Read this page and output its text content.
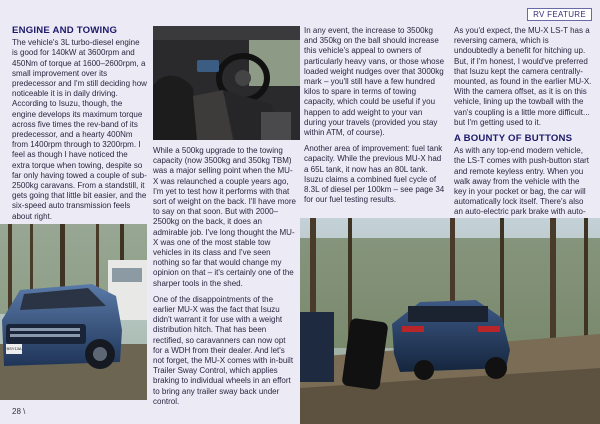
RV FEATURE
ENGINE AND TOWING

The vehicle's 3L turbo-diesel engine is good for 140kW at 3600rpm and 450Nm of torque at 1600–2600rpm, a small improvement over its predecessor and I'm still deciding how noticeable it is in daily driving. According to Isuzu, though, the engine develops its maximum torque across five times the rev-band of its predecessor, and a hearty 400Nm from 1400rpm through to 3200rpm. I feel as though I have noticed the extra torque when towing, despite so far only having towed a couple of sub-2500kg caravans. From a standstill, it gets going that little bit easier, and the six-speed auto transmission feels about right.

BSY13A

While a 500kg upgrade to the towing capacity (now 3500kg and 350kg TBM) was a major selling point when the MU-X was relaunched a couple years ago, I'm yet to test how it performs with that sort of weight on the back. I'll have more to say on that soon. But with 2000–2500kg on the back, it does an admirable job. I've long thought the MU-X was one of the most stable tow vehicles in its class and I've seen nothing so far that would change my opinion on that – it's certainly one of the sharper tools in the shed.

One of the disappointments of the earlier MU-X was the fact that Isuzu didn't warrant it for use with a weight distribution hitch. That has been rectified, so caravanners can now opt for a WDH from their dealer. And let's not forget, the MU-X comes with in-built Trailer Sway Control, which applies braking to individual wheels in an effort to bring any trailer sway back under control.

In any event, the increase to 3500kg and 350kg on the ball should increase this vehicle's appeal to owners of particularly heavy vans, or those whose loaded weight nudges over that 3000kg mark – you'll still have a few hundred kilos to spare in terms of towing capacity, which could be useful if you happen to add weight to your van during your travels (provided you stay within ATM, of course).

Another area of improvement: fuel tank capacity. While the previous MU-X had a 65L tank, it now has an 80L tank. Isuzu claims a combined fuel cycle of 8.3L of diesel per 100km – see page 34 for our fuel testing results.

As you'd expect, the MU-X LS-T has a reversing camera, which is undoubtedly a benefit for hitching up. But, if I'm honest, I would've preferred that Isuzu kept the camera centrally-mounted, as found in the earlier MU-X. With the camera offset, as it is on this vehicle, lining up the towball with the van's coupling is a little more difficult... but I'm getting used to it.

A BOUNTY OF BUTTONS

As with any top-end modern vehicle, the LS-T comes with push-button start and remote keyless entry. When you walk away from the vehicle with the key in your pocket or bag, the car will automatically lock itself. There's also an auto-electric park brake with auto-

28 \
